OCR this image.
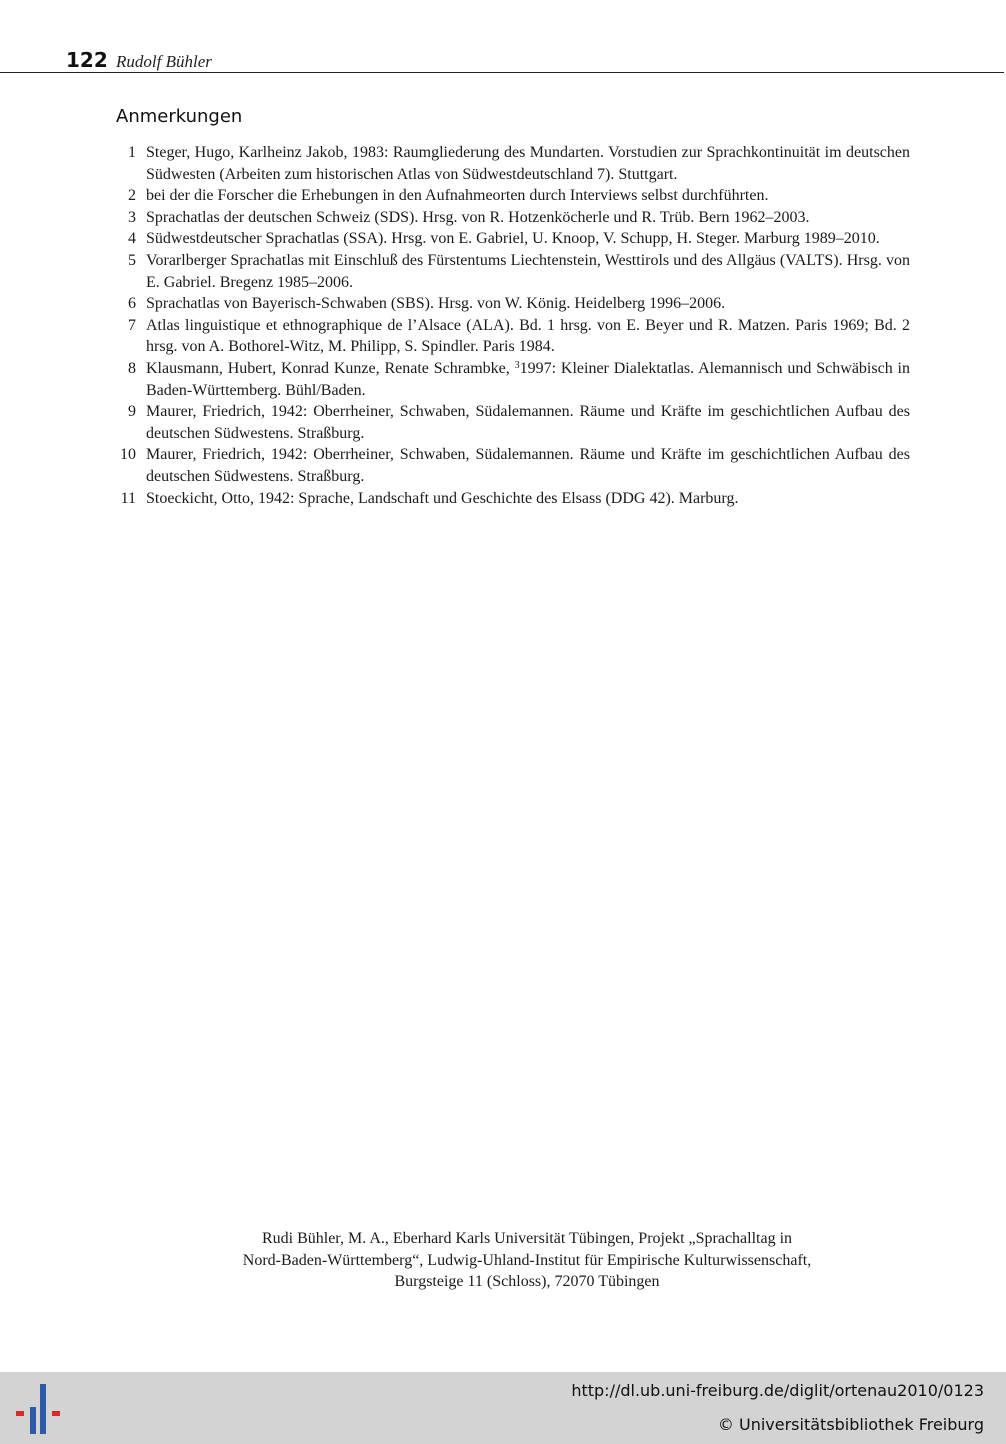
122 Rudolf Bühler
Anmerkungen
1 Steger, Hugo, Karlheinz Jakob, 1983: Raumgliederung des Mundarten. Vorstudien zur Sprachkontinuität im deutschen Südwesten (Arbeiten zum historischen Atlas von Südwestdeutschland 7). Stuttgart.
2 bei der die Forscher die Erhebungen in den Aufnahmeorten durch Interviews selbst durchführten.
3 Sprachatlas der deutschen Schweiz (SDS). Hrsg. von R. Hotzenköcherle und R. Trüb. Bern 1962–2003.
4 Südwestdeutscher Sprachatlas (SSA). Hrsg. von E. Gabriel, U. Knoop, V. Schupp, H. Steger. Marburg 1989–2010.
5 Vorarlberger Sprachatlas mit Einschluß des Fürstentums Liechtenstein, Westtirols und des Allgäus (VALTS). Hrsg. von E. Gabriel. Bregenz 1985–2006.
6 Sprachatlas von Bayerisch-Schwaben (SBS). Hrsg. von W. König. Heidelberg 1996–2006.
7 Atlas linguistique et ethnographique de l’Alsace (ALA). Bd. 1 hrsg. von E. Beyer und R. Matzen. Paris 1969; Bd. 2 hrsg. von A. Bothorel-Witz, M. Philipp, S. Spindler. Paris 1984.
8 Klausmann, Hubert, Konrad Kunze, Renate Schrambke, $^3$1997: Kleiner Dialektatlas. Alemannisch und Schwäbisch in Baden-Württemberg. Bühl/Baden.
9 Maurer, Friedrich, 1942: Oberrheiner, Schwaben, Südalemannen. Räume und Kräfte im geschichtlichen Aufbau des deutschen Südwestens. Straßburg.
10 Maurer, Friedrich, 1942: Oberrheiner, Schwaben, Südalemannen. Räume und Kräfte im geschichtlichen Aufbau des deutschen Südwestens. Straßburg.
11 Stoeckicht, Otto, 1942: Sprache, Landschaft und Geschichte des Elsass (DDG 42). Marburg.
Rudi Bühler, M. A., Eberhard Karls Universität Tübingen, Projekt „Sprachalltag in
Nord-Baden-Württemberg“, Ludwig-Uhland-Institut für Empirische Kulturwissenschaft,
Burgsteige 11 (Schloss), 72070 Tübingen
http://dl.ub.uni-freiburg.de/diglit/ortenau2010/0123
© Universitätsbibliothek Freiburg
